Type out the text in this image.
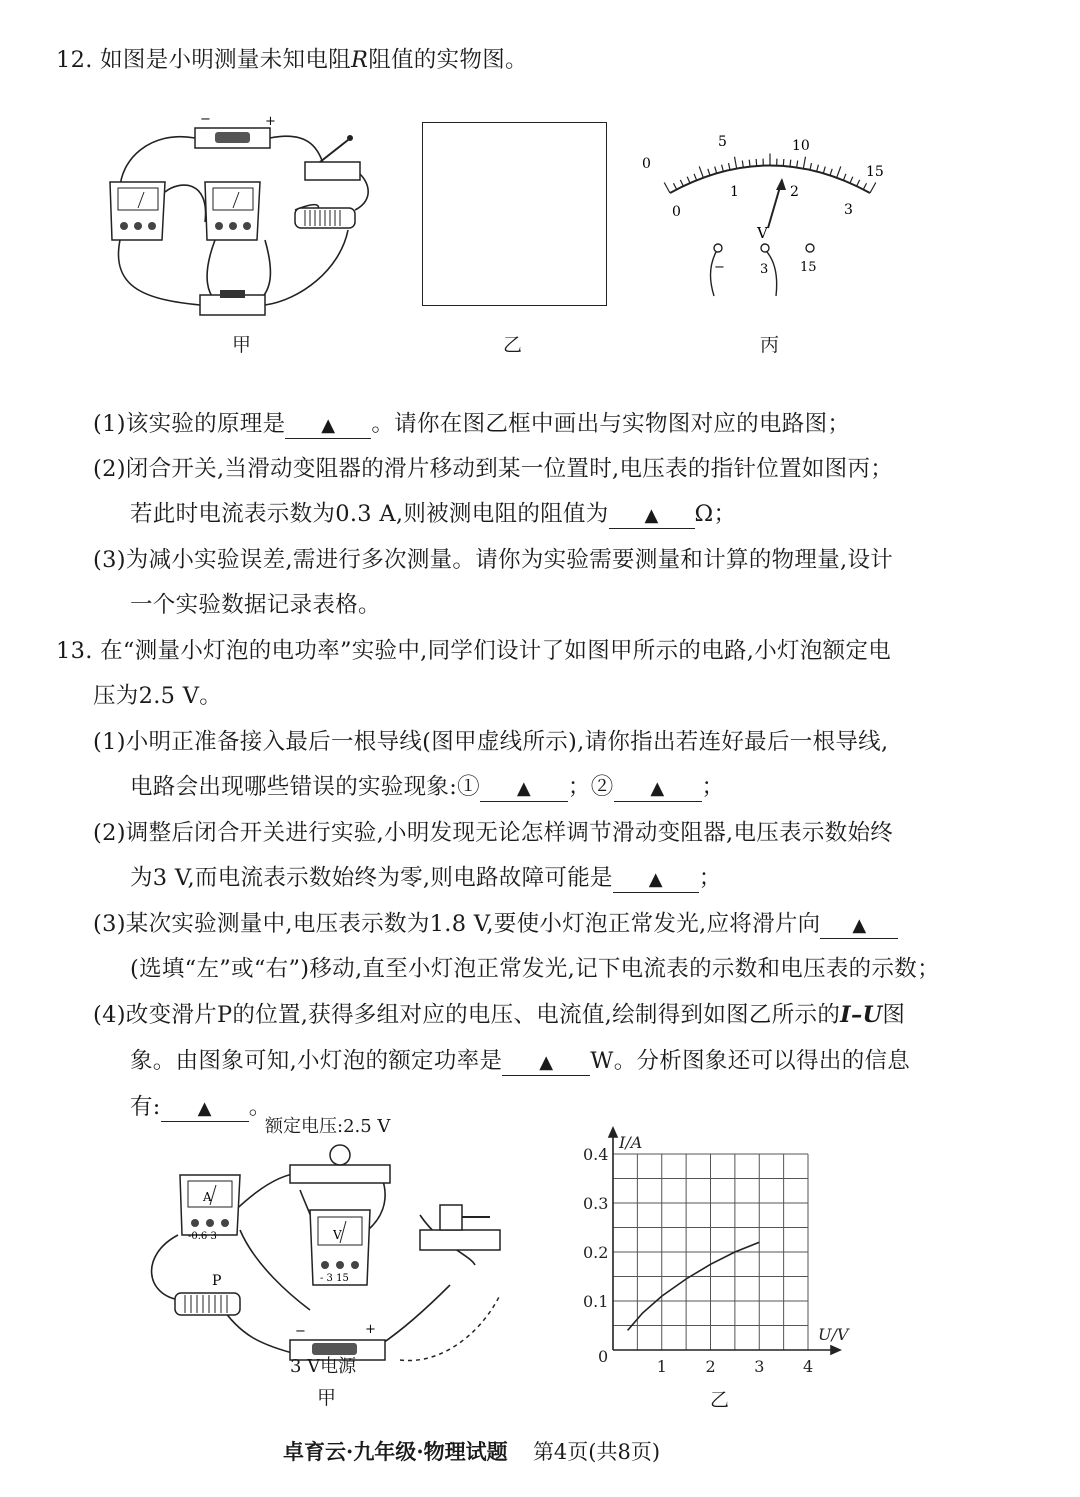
12. 如图是小明测量未知电阻R阻值的实物图。
−	+
甲	乙
0
5	10
15
0
1	2
3
V
−	3 15
丙
(1)该实验的原理是 ▲ 。请你在图乙框中画出与实物图对应的电路图；
(2)闭合开关,当滑动变阻器的滑片移动到某一位置时,电压表的指针位置如图丙；
若此时电流表示数为0.3 A,则被测电阻的阻值为 ▲ Ω；
(3)为减小实验误差,需进行多次测量。请你为实验需要测量和计算的物理量,设计
一个实验数据记录表格。
13. 在“测量小灯泡的电功率”实验中,同学们设计了如图甲所示的电路,小灯泡额定电
压为2.5 V。
(1)小明正准备接入最后一根导线(图甲虚线所示),请你指出若连好最后一根导线,
电路会出现哪些错误的实验现象:① ▲ ；② ▲ ；
(2)调整后闭合开关进行实验,小明发现无论怎样调节滑动变阻器,电压表示数始终
为3 V,而电流表示数始终为零,则电路故障可能是 ▲ ；
(3)某次实验测量中,电压表示数为1.8 V,要使小灯泡正常发光,应将滑片向 ▲
(选填“左”或“右”)移动,直至小灯泡正常发光,记下电流表的示数和电压表的示数；
(4)改变滑片P的位置,获得多组对应的电压、电流值,绘制得到如图乙所示的I–U图
象。由图象可知,小灯泡的额定功率是 ▲ W。分析图象还可以得出的信息
有: ▲ 。
额定电压:2.5 V
A
-0.6 3	V
- 3 15
P
−	+
3 V电源
甲
1 2 3 4
0.1
0.2
0.3
0.4
0
U/V
I/A
乙
卓育云·九年级·物理试题 第4页(共8页)
